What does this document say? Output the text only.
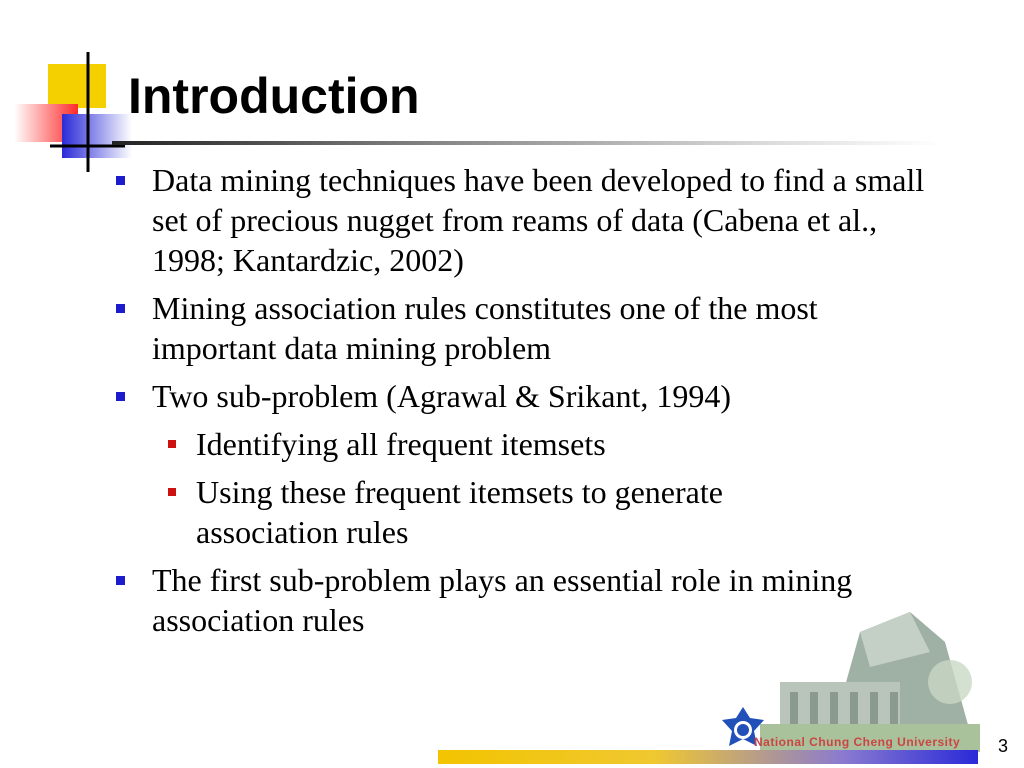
Introduction
Data mining techniques have been developed to find a small set of precious nugget from reams of data (Cabena et al., 1998; Kantardzic, 2002)
Mining association rules constitutes one of the most important data mining problem
Two sub-problem (Agrawal & Srikant, 1994)
Identifying all frequent itemsets
Using these frequent itemsets to generate association rules
The first sub-problem plays an essential role in mining association rules
National Chung Cheng University 3
